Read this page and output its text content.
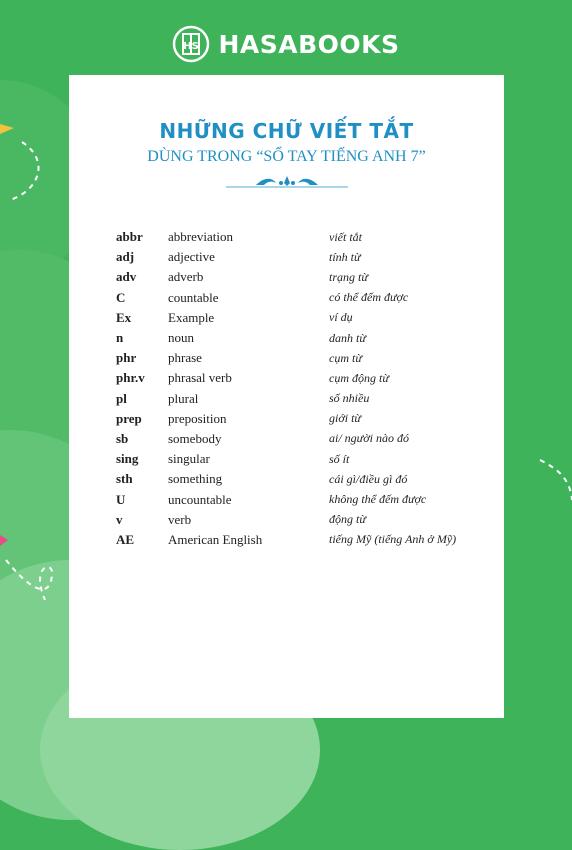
HS HASABOOKS
NHỮNG CHỮ VIẾT TẮT
DÙNG TRONG “SỔ TAY TIẾNG ANH 7”
abbr	abbreviation	viết tắt
adj	adjective	tính từ
adv	adverb	trạng từ
C	countable	có thể đếm được
Ex	Example	ví dụ
n	noun	danh từ
phr	phrase	cụm từ
phr.v	phrasal verb	cụm động từ
pl	plural	số nhiều
prep	preposition	giới từ
sb	somebody	ai/ người nào đó
sing	singular	số ít
sth	something	cái gì/điều gì đó
U	uncountable	không thể đếm được
v	verb	động từ
AE	American English	tiếng Mỹ (tiếng Anh ở Mỹ)
